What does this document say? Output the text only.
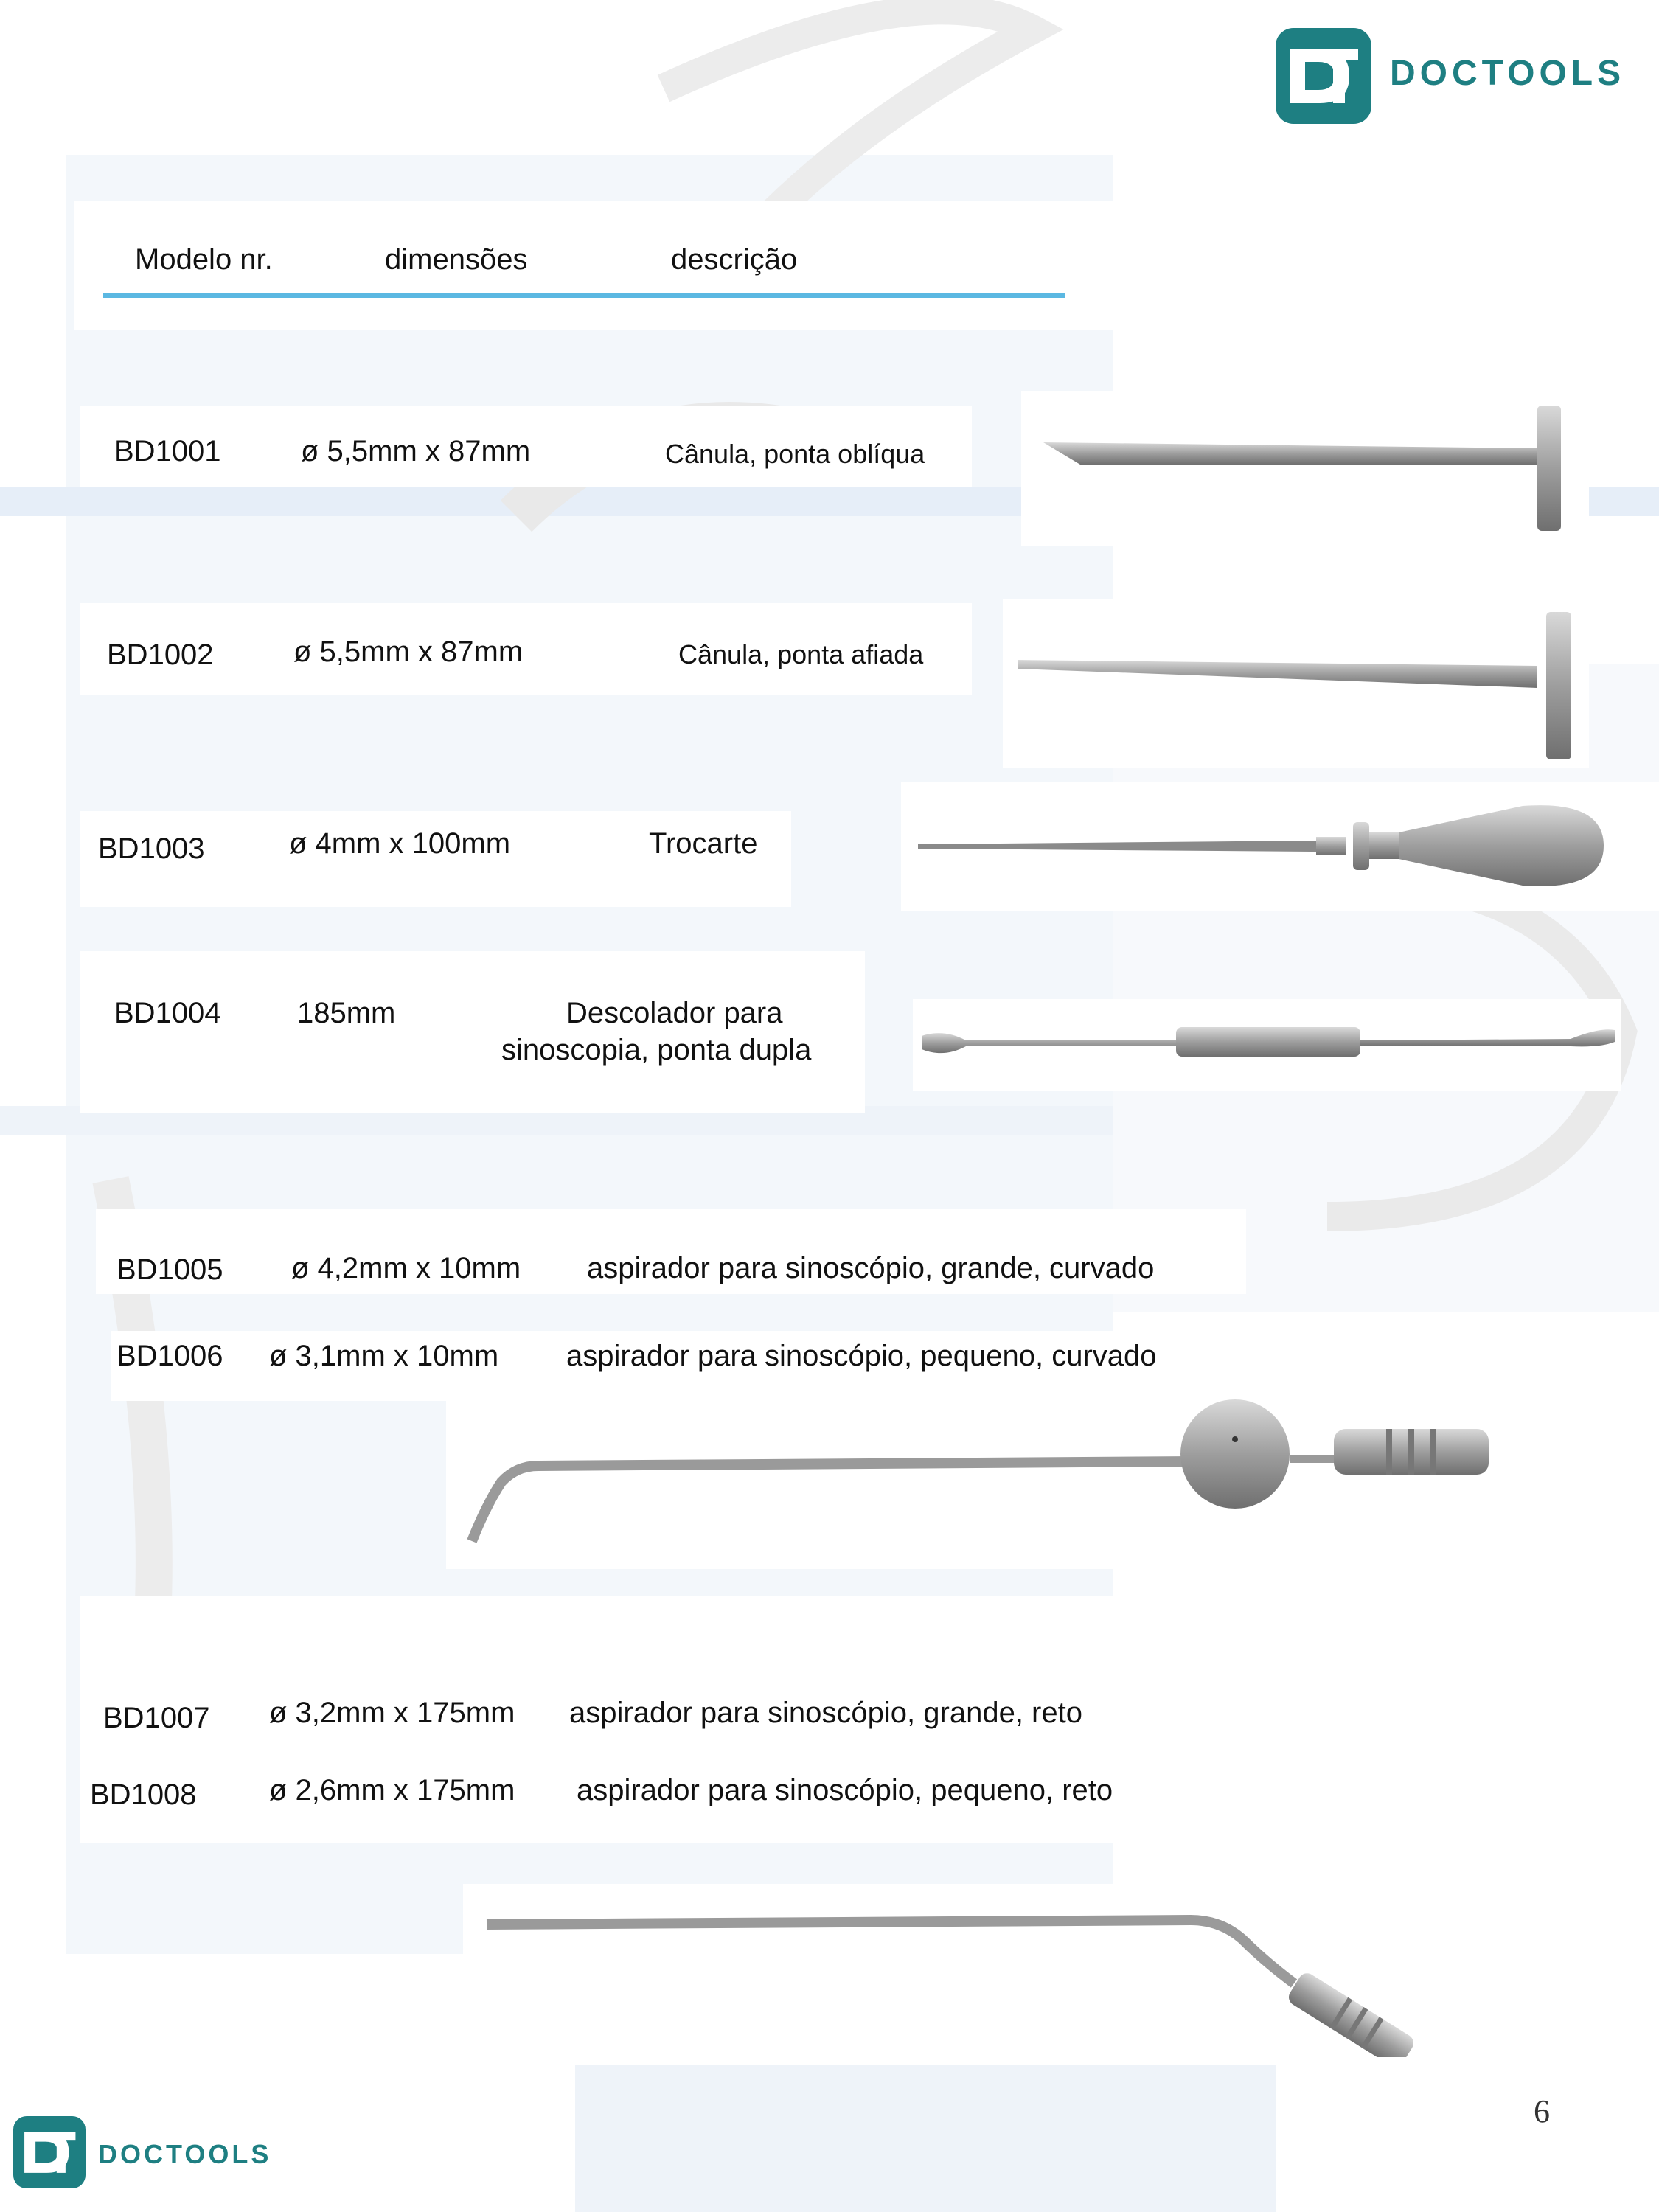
DOCTOOLS
Modelo nr.	dimensões	descrição
BD1001	ø 5,5mm x 87mm	Cânula, ponta oblíqua
BD1002	ø 5,5mm x 87mm	Cânula, ponta afiada
BD1003	ø 4mm x 100mm	Trocarte
BD1004	185mm	Descolador para
sinoscopia, ponta dupla
BD1005 ø 4,2mm x 10mm aspirador para sinoscópio, grande, curvado
BD1006 ø 3,1mm x 10mm aspirador para sinoscópio, pequeno, curvado
BD1007 ø 3,2mm x 175mm aspirador para sinoscópio, grande, reto
BD1008 ø 2,6mm x 175mm aspirador para sinoscópio, pequeno, reto
6
DOCTOOLS
